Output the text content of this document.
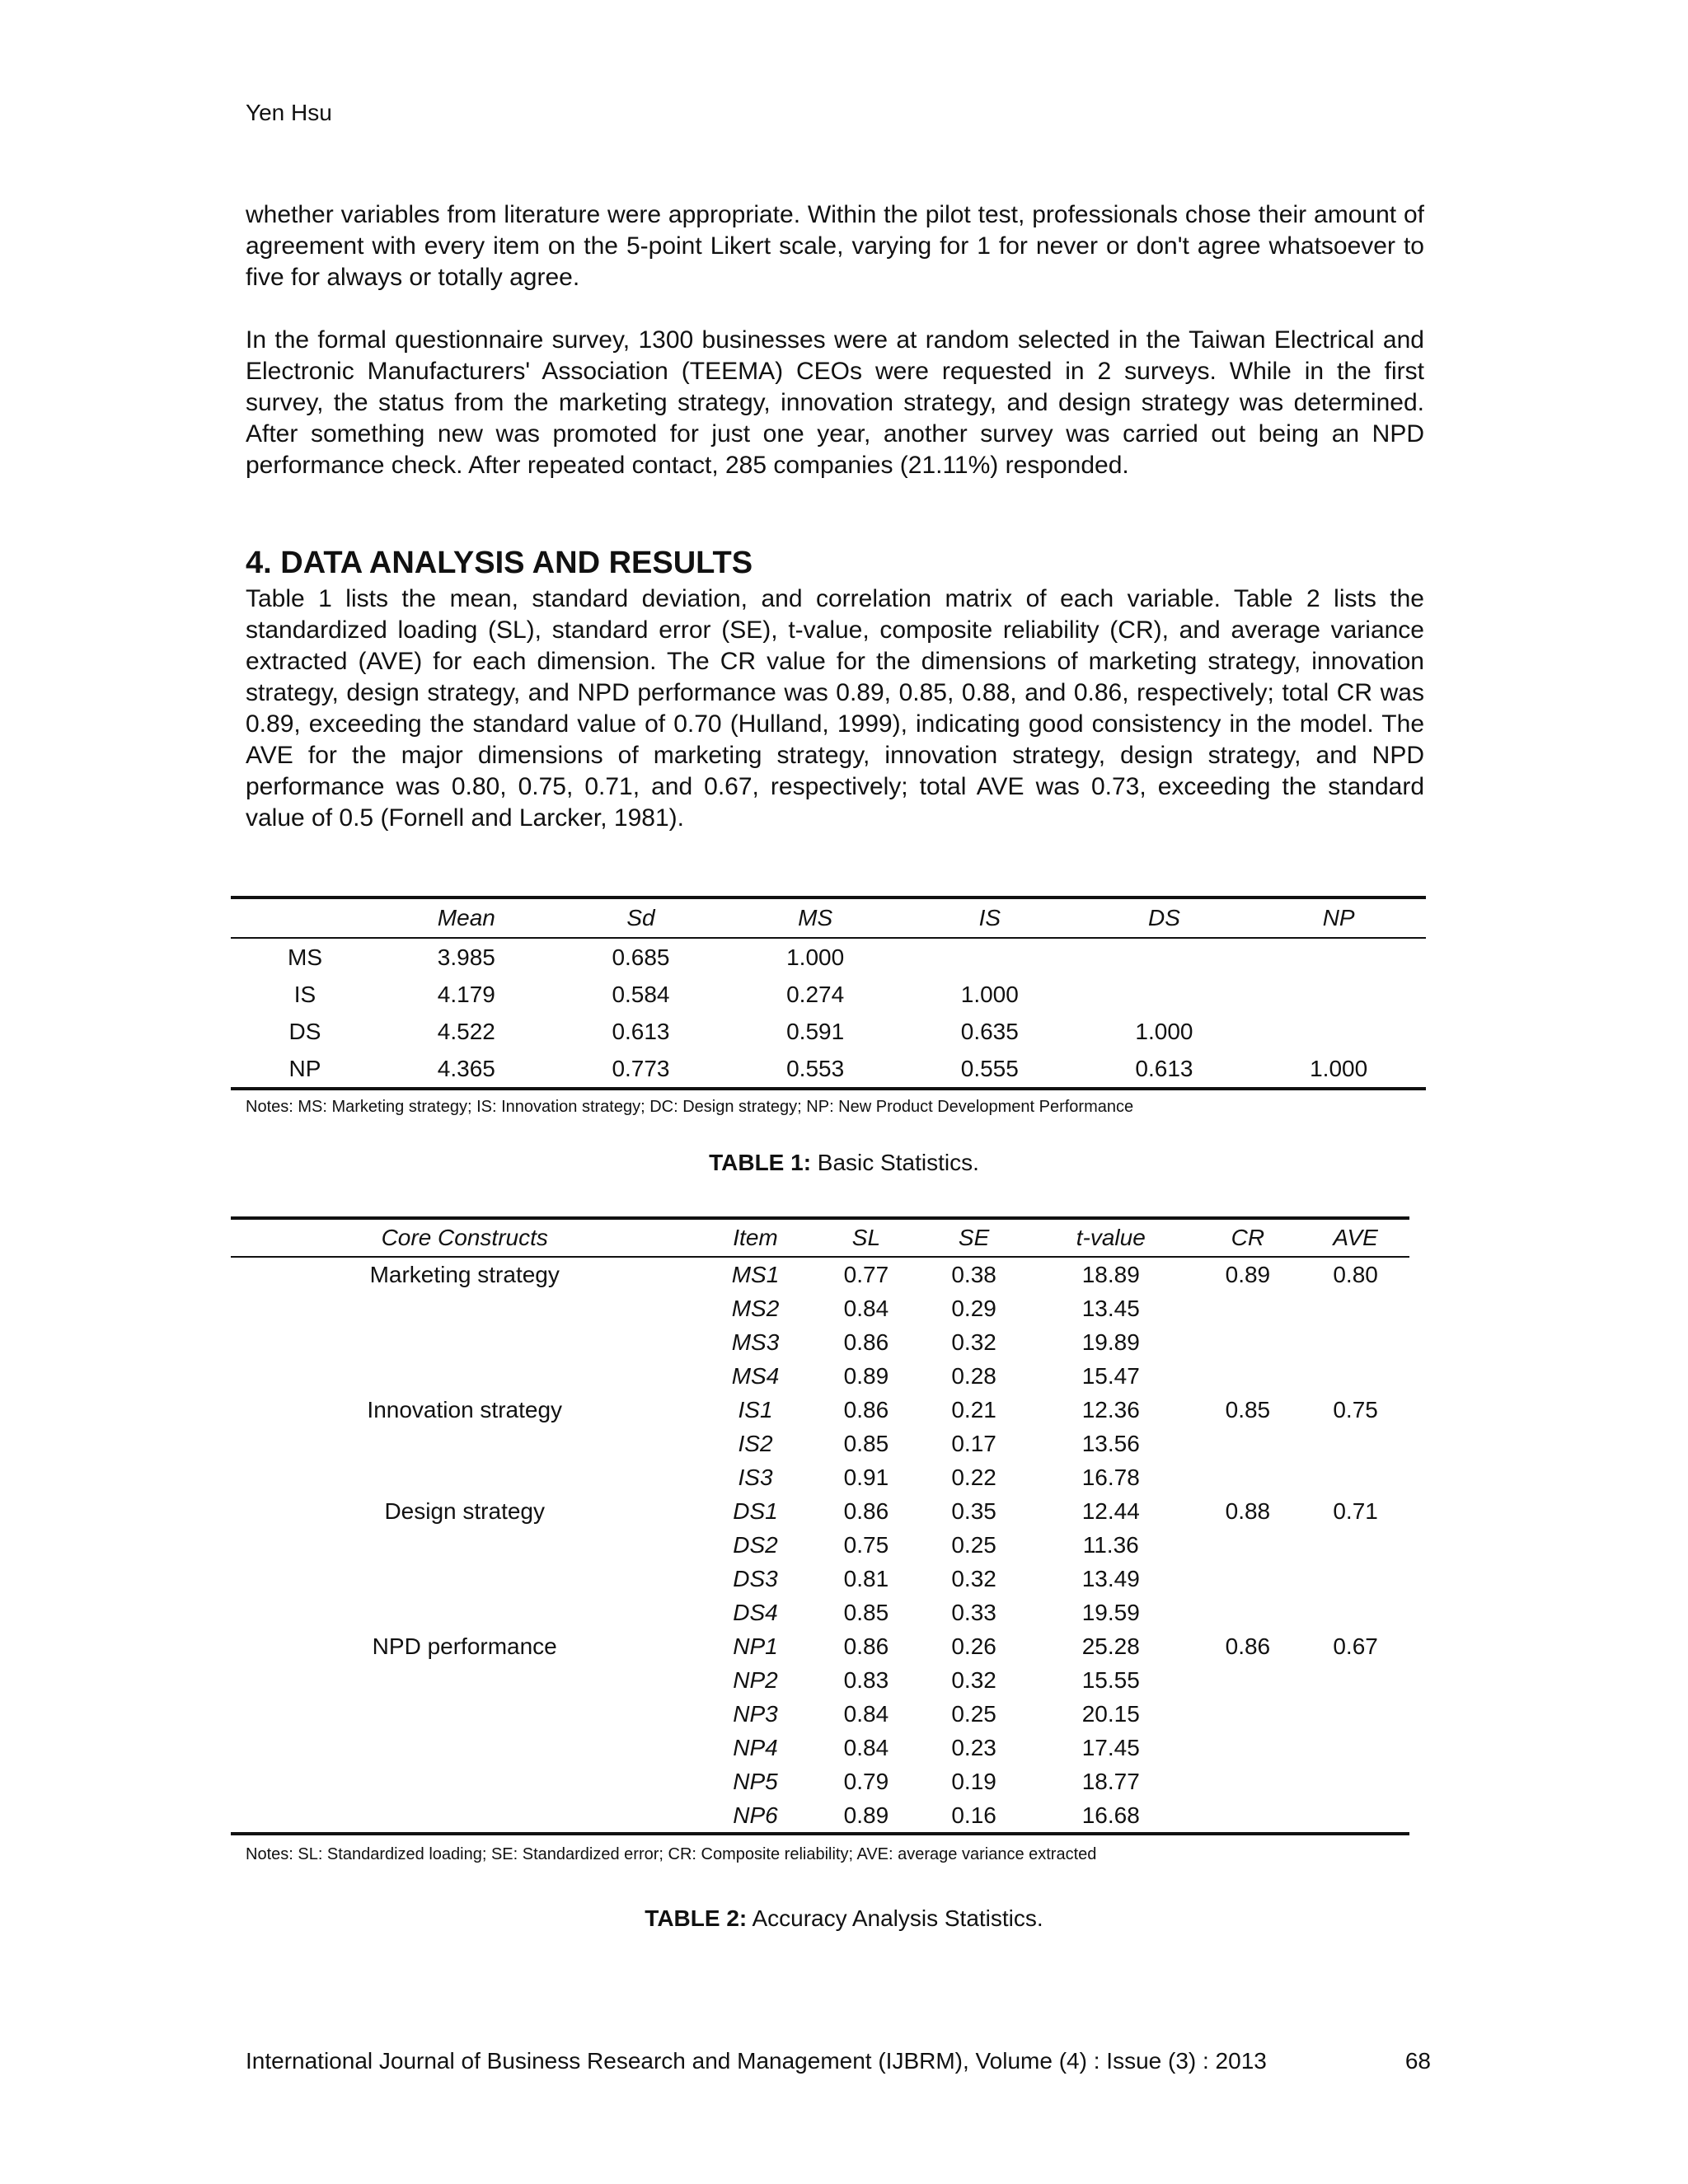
Yen Hsu
whether variables from literature were appropriate. Within the pilot test, professionals chose their amount of agreement with every item on the 5-point Likert scale, varying for 1 for never or don't agree whatsoever to five for always or totally agree.
In the formal questionnaire survey, 1300 businesses were at random selected in the Taiwan Electrical and Electronic Manufacturers' Association (TEEMA) CEOs were requested in 2 surveys. While in the first survey, the status from the marketing strategy, innovation strategy, and design strategy was determined. After something new was promoted for just one year, another survey was carried out being an NPD performance check. After repeated contact, 285 companies (21.11%) responded.
4. DATA ANALYSIS AND RESULTS
Table 1 lists the mean, standard deviation, and correlation matrix of each variable. Table 2 lists the standardized loading (SL), standard error (SE), t-value, composite reliability (CR), and average variance extracted (AVE) for each dimension. The CR value for the dimensions of marketing strategy, innovation strategy, design strategy, and NPD performance was 0.89, 0.85, 0.88, and 0.86, respectively; total CR was 0.89, exceeding the standard value of 0.70 (Hulland, 1999), indicating good consistency in the model. The AVE for the major dimensions of marketing strategy, innovation strategy, design strategy, and NPD performance was 0.80, 0.75, 0.71, and 0.67, respectively; total AVE was 0.73, exceeding the standard value of 0.5 (Fornell and Larcker, 1981).
	Mean	Sd	MS	IS	DS	NP
MS	3.985	0.685	1.000			
IS	4.179	0.584	0.274	1.000		
DS	4.522	0.613	0.591	0.635	1.000	
NP	4.365	0.773	0.553	0.555	0.613	1.000
Notes: MS: Marketing strategy; IS: Innovation strategy; DC: Design strategy; NP: New Product Development Performance
TABLE 1: Basic Statistics.
Core Constructs	Item	SL	SE	t-value	CR	AVE
Marketing strategy	MS1	0.77	0.38	18.89	0.89	0.80
	MS2	0.84	0.29	13.45		
	MS3	0.86	0.32	19.89		
	MS4	0.89	0.28	15.47		
Innovation strategy	IS1	0.86	0.21	12.36	0.85	0.75
	IS2	0.85	0.17	13.56		
	IS3	0.91	0.22	16.78		
Design strategy	DS1	0.86	0.35	12.44	0.88	0.71
	DS2	0.75	0.25	11.36		
	DS3	0.81	0.32	13.49		
	DS4	0.85	0.33	19.59		
NPD performance	NP1	0.86	0.26	25.28	0.86	0.67
	NP2	0.83	0.32	15.55		
	NP3	0.84	0.25	20.15		
	NP4	0.84	0.23	17.45		
	NP5	0.79	0.19	18.77		
	NP6	0.89	0.16	16.68		
Notes: SL: Standardized loading; SE: Standardized error; CR: Composite reliability; AVE: average variance extracted
TABLE 2: Accuracy Analysis Statistics.
International Journal of Business Research and Management (IJBRM), Volume (4) : Issue (3) : 2013	68
